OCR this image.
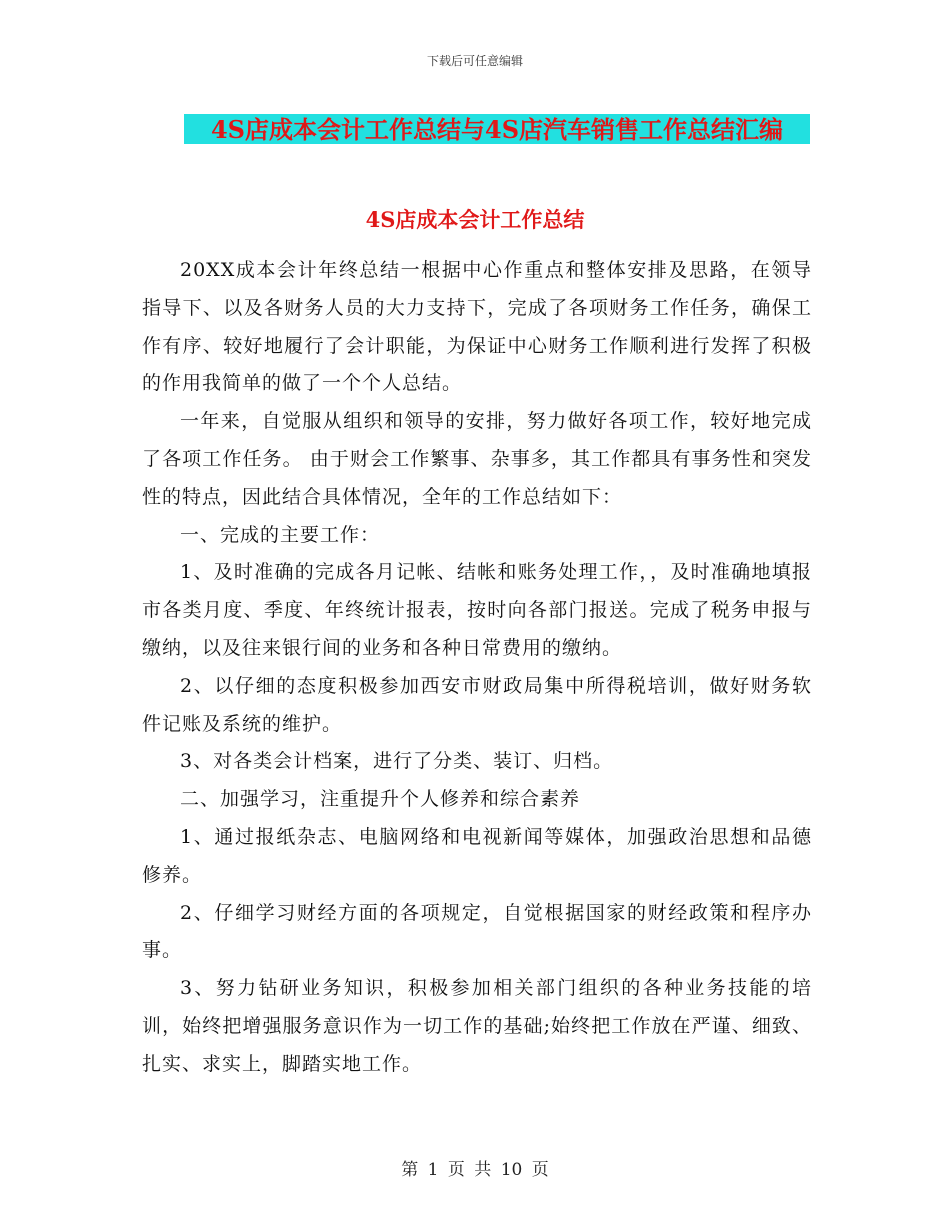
下载后可任意编辑
4S店成本会计工作总结与4S店汽车销售工作总结汇编
4S店成本会计工作总结

20XX成本会计年终总结一根据中心作重点和整体安排及思路，在领导指导下、以及各财务人员的大力支持下，完成了各项财务工作任务，确保工作有序、较好地履行了会计职能，为保证中心财务工作顺利进行发挥了积极的作用我简单的做了一个个人总结。

一年来，自觉服从组织和领导的安排，努力做好各项工作，较好地完成了各项工作任务。 由于财会工作繁事、杂事多，其工作都具有事务性和突发性的特点，因此结合具体情况，全年的工作总结如下：

一、完成的主要工作：

1、及时准确的完成各月记帐、结帐和账务处理工作，，及时准确地填报市各类月度、季度、年终统计报表，按时向各部门报送。完成了税务申报与缴纳，以及往来银行间的业务和各种日常费用的缴纳。

2、以仔细的态度积极参加西安市财政局集中所得税培训，做好财务软件记账及系统的维护。

3、对各类会计档案，进行了分类、装订、归档。

二、加强学习，注重提升个人修养和综合素养

1、通过报纸杂志、电脑网络和电视新闻等媒体，加强政治思想和品德修养。

2、仔细学习财经方面的各项规定，自觉根据国家的财经政策和程序办事。

3、努力钻研业务知识，积极参加相关部门组织的各种业务技能的培训，始终把增强服务意识作为一切工作的基础;始终把工作放在严谨、细致、扎实、求实上，脚踏实地工作。

第 1 页 共 10 页
